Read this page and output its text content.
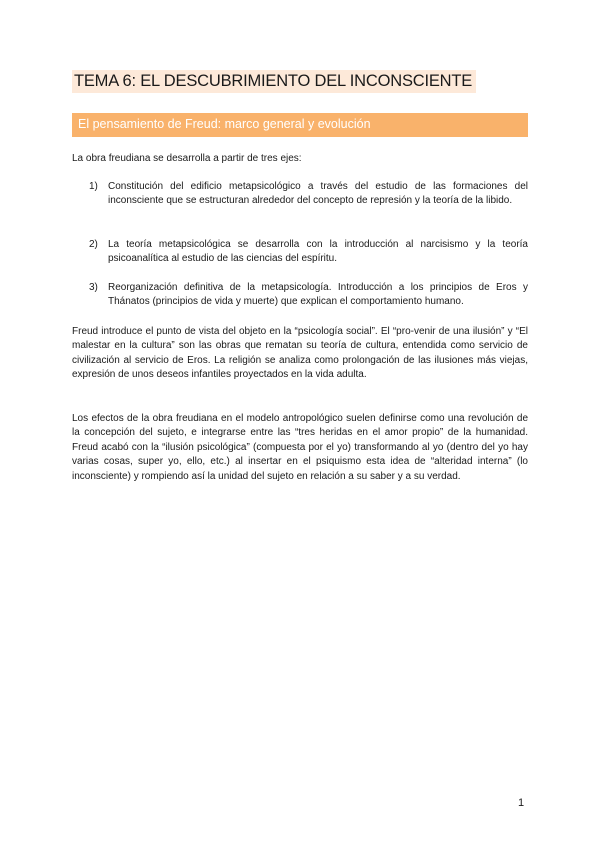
TEMA 6: EL DESCUBRIMIENTO DEL INCONSCIENTE
El pensamiento de Freud: marco general y evolución

La obra freudiana se desarrolla a partir de tres ejes:

1)	Constitución del edificio metapsicológico a través del estudio de las formaciones del inconsciente que se estructuran alrededor del concepto de represión y la teoría de la libido.
2)	La teoría metapsicológica se desarrolla con la introducción al narcisismo y la teoría psicoanalítica al estudio de las ciencias del espíritu.
3)	Reorganización definitiva de la metapsicología. Introducción a los principios de Eros y Thánatos (principios de vida y muerte) que explican el comportamiento humano.

Freud introduce el punto de vista del objeto en la “psicología social”. El “pro-venir de una ilusión” y “El malestar en la cultura” son las obras que rematan su teoría de cultura, entendida como servicio de civilización al servicio de Eros. La religión se analiza como prolongación de las ilusiones más viejas, expresión de unos deseos infantiles proyectados en la vida adulta.

Los efectos de la obra freudiana en el modelo antropológico suelen definirse como una revolución de la concepción del sujeto, e integrarse entre las “tres heridas en el amor propio” de la humanidad. Freud acabó con la “ilusión psicológica” (compuesta por el yo) transformando al yo (dentro del yo hay varias cosas, super yo, ello, etc.) al insertar en el psiquismo esta idea de “alteridad interna” (lo inconsciente) y rompiendo así la unidad del sujeto en relación a su saber y a su verdad.

1
